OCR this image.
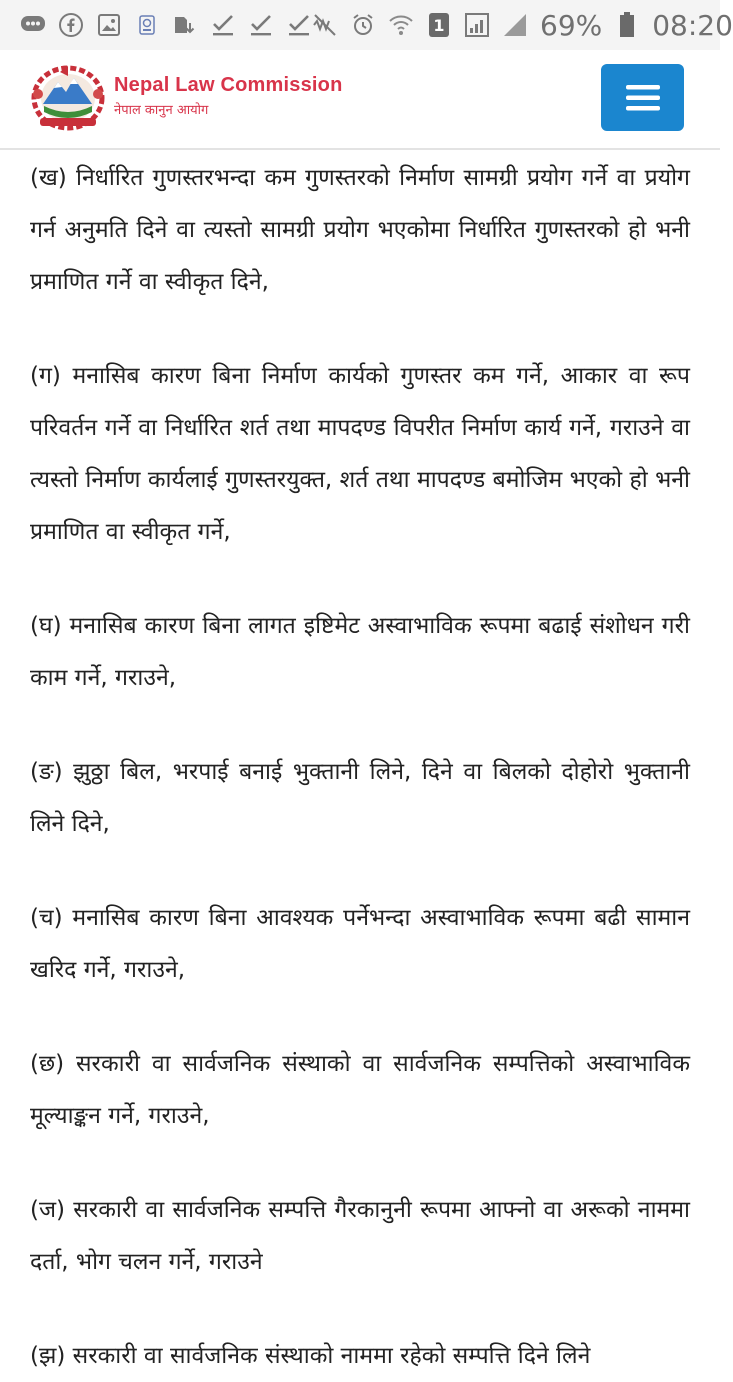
1	69% 08:20
Nepal Law Commission
नेपाल कानुन आयोग

(ख) निर्धारित गुणस्तरभन्दा कम गुणस्तरको निर्माण सामग्री प्रयोग गर्ने वा प्रयोग गर्न अनुमति दिने वा त्यस्तो सामग्री प्रयोग भएकोमा निर्धारित गुणस्तरको हो भनी प्रमाणित गर्ने वा स्वीकृत दिने,

(ग) मनासिब कारण बिना निर्माण कार्यको गुणस्तर कम गर्ने, आकार वा रूप परिवर्तन गर्ने वा निर्धारित शर्त तथा मापदण्ड विपरीत निर्माण कार्य गर्ने, गराउने वा त्यस्तो निर्माण कार्यलाई गुणस्तरयुक्त, शर्त तथा मापदण्ड बमोजिम भएको हो भनी प्रमाणित वा स्वीकृत गर्ने,

(घ) मनासिब कारण बिना लागत इष्टिमेट अस्वाभाविक रूपमा बढाई संशोधन गरी काम गर्ने, गराउने,

(ङ) झुठ्ठा बिल, भरपाई बनाई भुक्तानी लिने, दिने वा बिलको दोहोरो भुक्तानी लिने दिने,

(च) मनासिब कारण बिना आवश्यक पर्नेभन्दा अस्वाभाविक रूपमा बढी सामान खरिद गर्ने, गराउने,

(छ) सरकारी वा सार्वजनिक संस्थाको वा सार्वजनिक सम्पत्तिको अस्वाभाविक मूल्याङ्कन गर्ने, गराउने,

(ज) सरकारी वा सार्वजनिक सम्पत्ति गैरकानुनी रूपमा आफ्नो वा अरूको नाममा दर्ता, भोग चलन गर्ने, गराउने

(झ) सरकारी वा सार्वजनिक संस्थाको नाममा रहेको सम्पत्ति दिने लिने
